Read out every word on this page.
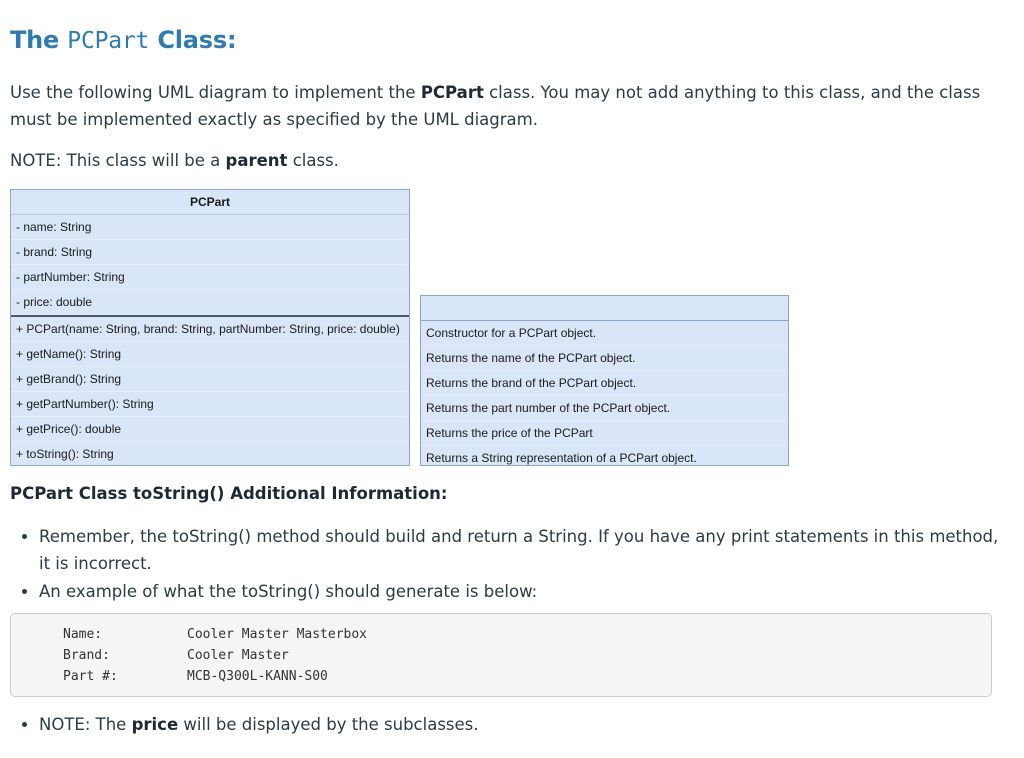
The PCPart Class:
Use the following UML diagram to implement the PCPart class. You may not add anything to this class, and the class must be implemented exactly as specified by the UML diagram.
NOTE: This class will be a parent class.
PCPart
- name: String
- brand: String
- partNumber: String
- price: double
+ PCPart(name: String, brand: String, partNumber: String, price: double)
+ getName(): String
+ getBrand(): String
+ getPartNumber(): String
+ getPrice(): double
+ toString(): String
Constructor for a PCPart object.
Returns the name of the PCPart object.
Returns the brand of the PCPart object.
Returns the part number of the PCPart object.
Returns the price of the PCPart
Returns a String representation of a PCPart object.
PCPart Class toString() Additional Information:
• Remember, the toString() method should build and return a String. If you have any print statements in this method, it is incorrect.
• An example of what the toString() should generate is below:
Name:	Cooler Master Masterbox
Brand:	Cooler Master
Part #:	MCB-Q300L-KANN-S00
• NOTE: The price will be displayed by the subclasses.
